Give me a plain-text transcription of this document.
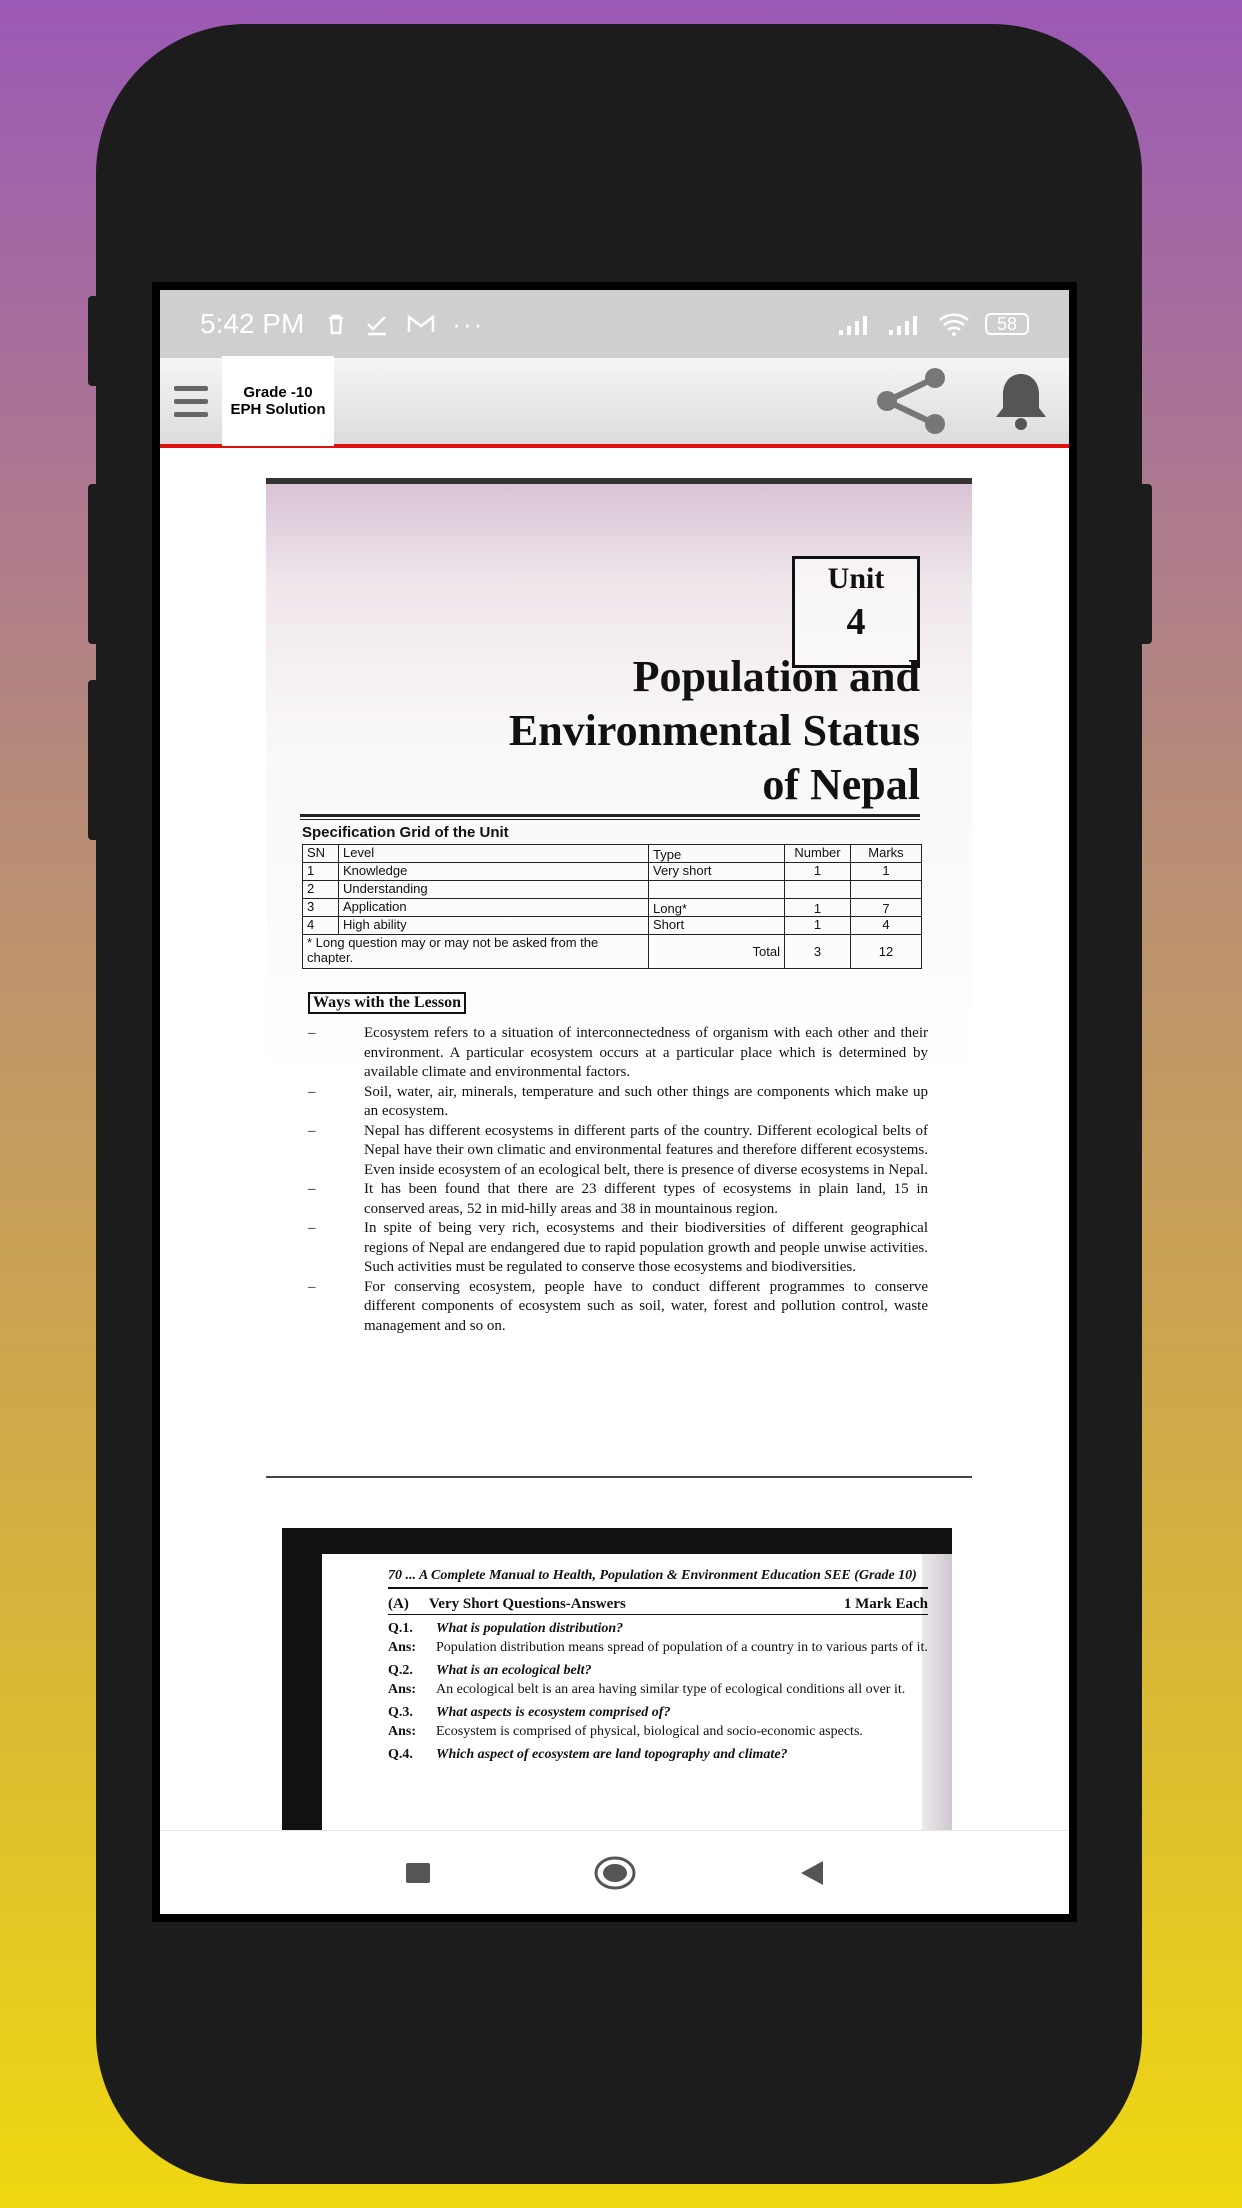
5:42 PM	···	58
Grade -10
EPH Solution
Unit
4
Population and
Environmental Status
of Nepal
Specification Grid of the Unit
SN	Level	Type	Number	Marks
1	Knowledge	Very short	1	1
2	Understanding			
3	Application	Long*	1	7
4	High ability	Short	1	4
* Long question may or may not be asked from the chapter.		Total	3	12
Ways with the Lesson
–	Ecosystem refers to a situation of interconnectedness of organism with each other and their environment. A particular ecosystem occurs at a particular place which is determined by available climate and environmental factors.
–	Soil, water, air, minerals, temperature and such other things are components which make up an ecosystem.
–	Nepal has different ecosystems in different parts of the country. Different ecological belts of Nepal have their own climatic and environmental features and therefore different ecosystems. Even inside ecosystem of an ecological belt, there is presence of diverse ecosystems in Nepal.
–	It has been found that there are 23 different types of ecosystems in plain land, 15 in conserved areas, 52 in mid-hilly areas and 38 in mountainous region.
–	In spite of being very rich, ecosystems and their biodiversities of different geographical regions of Nepal are endangered due to rapid population growth and people unwise activities. Such activities must be regulated to conserve those ecosystems and biodiversities.
–	For conserving ecosystem, people have to conduct different programmes to conserve different components of ecosystem such as soil, water, forest and pollution control, waste management and so on.
70 ... A Complete Manual to Health, Population & Environment Education SEE (Grade 10)
(A) Very Short Questions-Answers	1 Mark Each
Q.1.	What is population distribution?
Ans:	Population distribution means spread of population of a country in to various parts of it.
Q.2.	What is an ecological belt?
Ans:	An ecological belt is an area having similar type of ecological conditions all over it.
Q.3.	What aspects is ecosystem comprised of?
Ans:	Ecosystem is comprised of physical, biological and socio-economic aspects.
Q.4.	Which aspect of ecosystem are land topography and climate?
